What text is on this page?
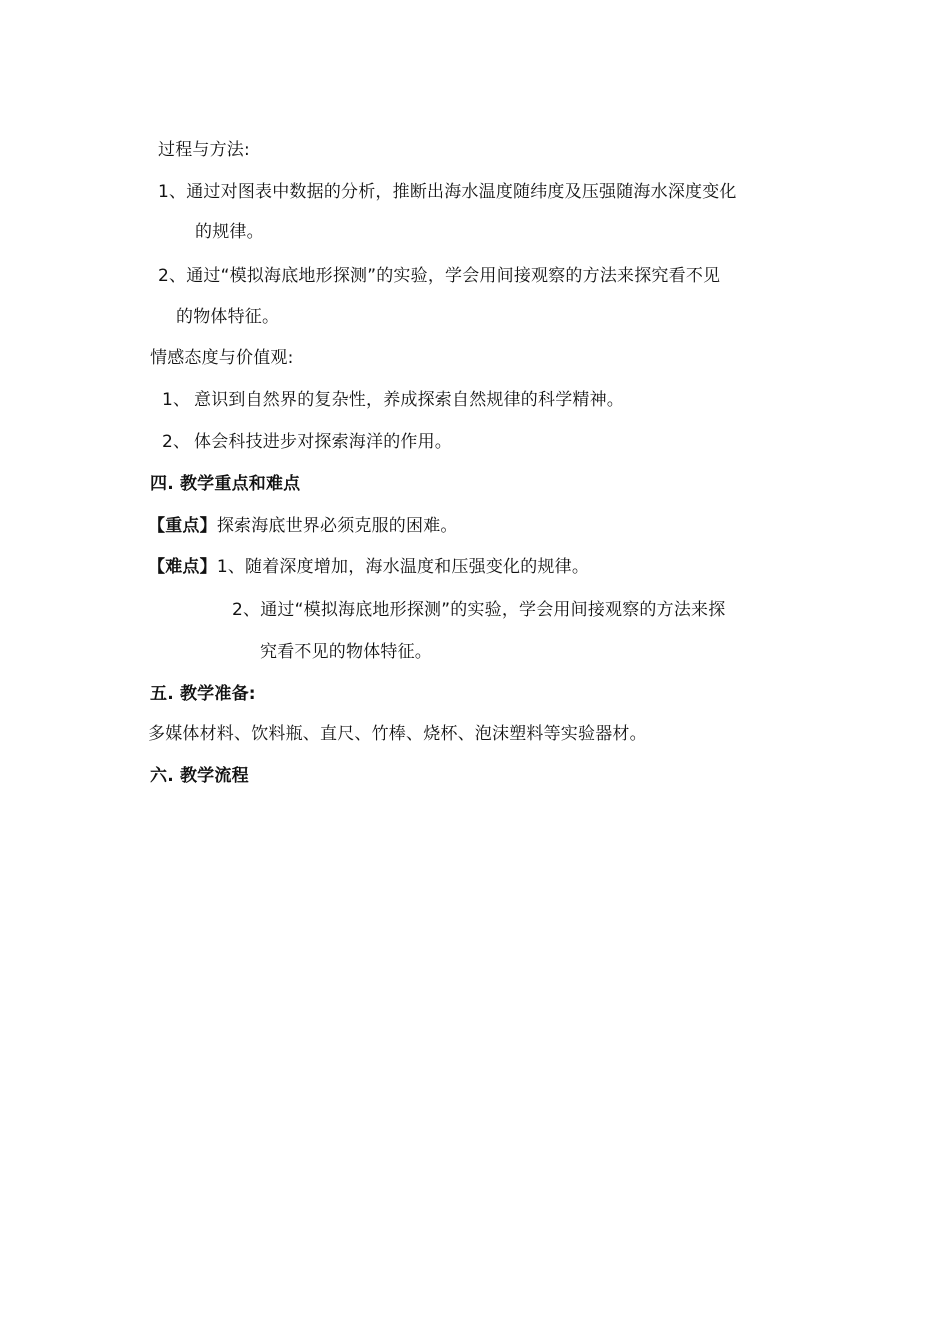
过程与方法:
1、通过对图表中数据的分析，推断出海水温度随纬度及压强随海水深度变化
的规律。
2、通过“模拟海底地形探测”的实验，学会用间接观察的方法来探究看不见
的物体特征。
情感态度与价值观:
1、 意识到自然界的复杂性，养成探索自然规律的科学精神。
2、 体会科技进步对探索海洋的作用。
四. 教学重点和难点
【重点】探索海底世界必须克服的困难。
【难点】1、随着深度增加，海水温度和压强变化的规律。
2、通过“模拟海底地形探测”的实验，学会用间接观察的方法来探
究看不见的物体特征。
五. 教学准备:
多媒体材料、饮料瓶、直尺、竹棒、烧杯、泡沫塑料等实验器材。
六. 教学流程
